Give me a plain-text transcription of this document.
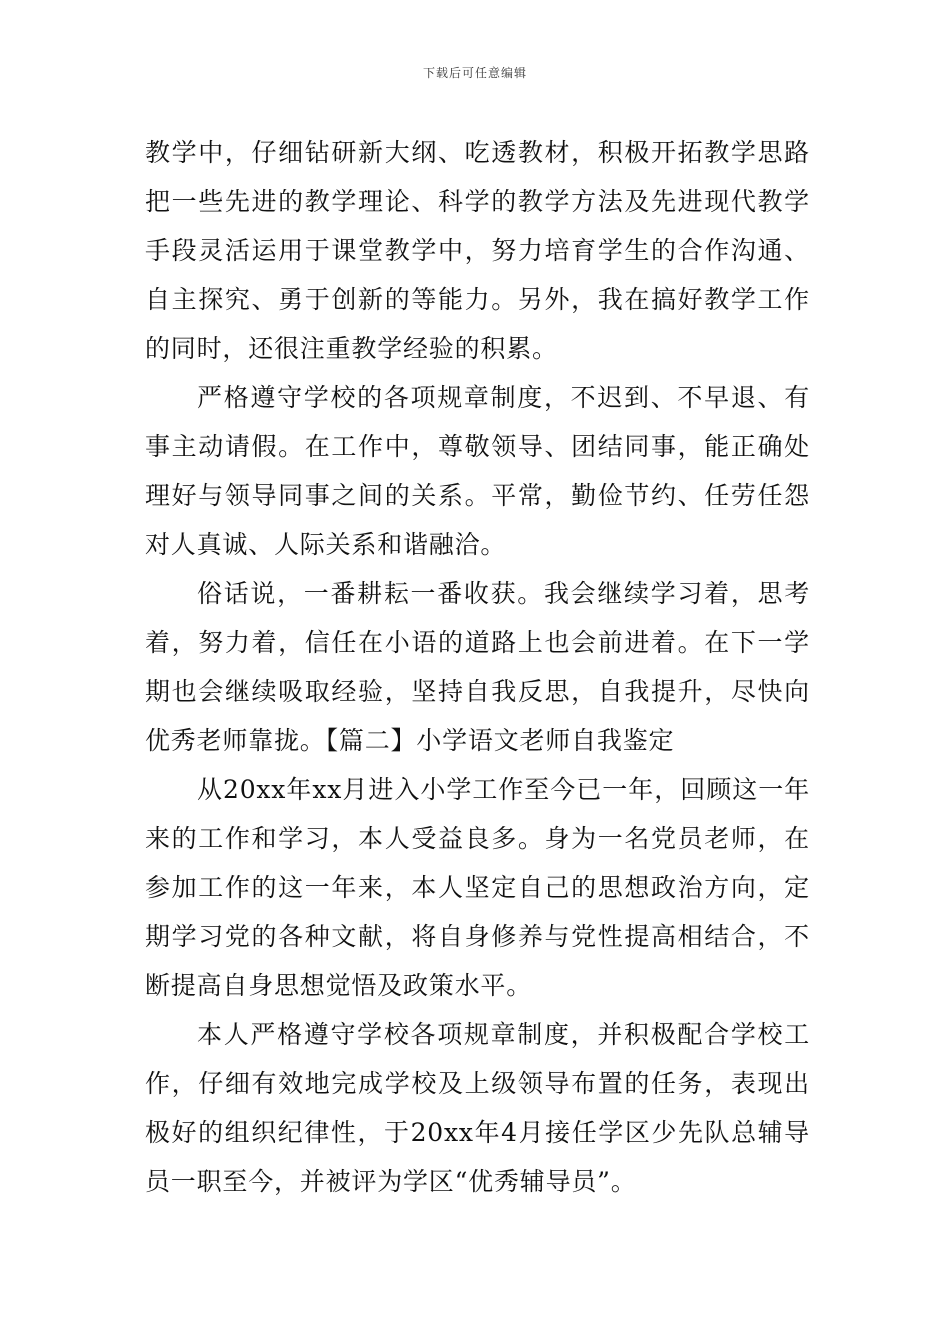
下载后可任意编辑

教学中，仔细钻研新大纲、吃透教材，积极开拓教学思路把一些先进的教学理论、科学的教学方法及先进现代教学手段灵活运用于课堂教学中，努力培育学生的合作沟通、自主探究、勇于创新的等能力。另外，我在搞好教学工作的同时，还很注重教学经验的积累。

严格遵守学校的各项规章制度，不迟到、不早退、有事主动请假。在工作中，尊敬领导、团结同事，能正确处理好与领导同事之间的关系。平常，勤俭节约、任劳任怨对人真诚、人际关系和谐融洽。

俗话说，一番耕耘一番收获。我会继续学习着，思考着，努力着，信任在小语的道路上也会前进着。在下一学期也会继续吸取经验，坚持自我反思，自我提升，尽快向优秀老师靠拢。【篇二】小学语文老师自我鉴定

从20xx年xx月进入小学工作至今已一年，回顾这一年来的工作和学习，本人受益良多。身为一名党员老师，在参加工作的这一年来，本人坚定自己的思想政治方向，定期学习党的各种文献，将自身修养与党性提高相结合，不断提高自身思想觉悟及政策水平。

本人严格遵守学校各项规章制度，并积极配合学校工作，仔细有效地完成学校及上级领导布置的任务，表现出极好的组织纪律性，于20xx年4月接任学区少先队总辅导员一职至今，并被评为学区“优秀辅导员”。
